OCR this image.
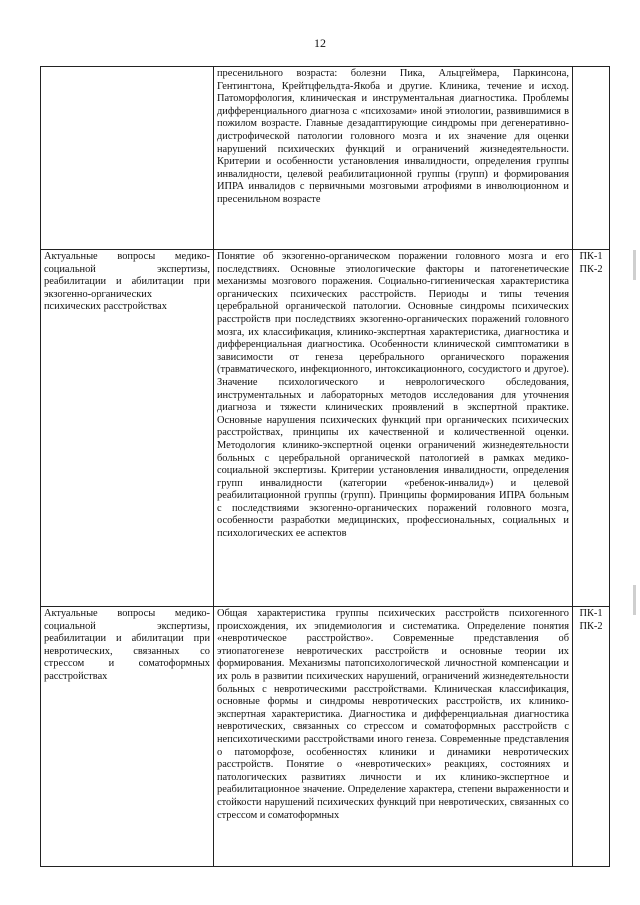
12
	пресенильного возраста: болезни Пика, Альцгеймера, Паркинсона, Гентингтона, Крейтцфельдта-Якоба и другие. Клиника, течение и исход. Патоморфология, клиническая и инструментальная диагностика. Проблемы дифференциального диагноза с «психозами» иной этиологии, развившимися в пожилом возрасте. Главные дезадаптирующие синдромы при дегенеративно-дистрофической патологии головного мозга и их значение для оценки нарушений психических функций и ограничений жизнедеятельности. Критерии и особенности установления инвалидности, определения группы инвалидности, целевой реабилитационной группы (групп) и формирования ИПРА инвалидов с первичными мозговыми атрофиями в инволюционном и пресенильном возрасте	

Актуальные вопросы медико-социальной экспертизы, реабилитации и абилитации при экзогенно-органических психических расстройствах	Понятие об экзогенно-органическом поражении головного мозга и его последствиях. Основные этиологические факторы и патогенетические механизмы мозгового поражения. Социально-гигиеническая характеристика органических психических расстройств. Периоды и типы течения церебральной органической патологии. Основные синдромы психических расстройств при последствиях экзогенно-органических поражений головного мозга, их классификация, клинико-экспертная характеристика, диагностика и дифференциальная диагностика. Особенности клинической симптоматики в зависимости от генеза церебрального органического поражения (травматического, инфекционного, интоксикационного, сосудистого и другое). Значение психологического и неврологического обследования, инструментальных и лабораторных методов исследования для уточнения диагноза и тяжести клинических проявлений в экспертной практике. Основные нарушения психических функций при органических психических расстройствах, принципы их качественной и количественной оценки. Методология клинико-экспертной оценки ограничений жизнедеятельности больных с церебральной органической патологией в рамках медико-социальной экспертизы. Критерии установления инвалидности, определения групп инвалидности (категории «ребенок-инвалид») и целевой реабилитационной группы (групп). Принципы формирования ИПРА больным с последствиями экзогенно-органических поражений головного мозга, особенности разработки медицинских, профессиональных, социальных и психологических ее аспектов	ПК-1
ПК-2

Актуальные вопросы медико-социальной экспертизы, реабилитации и абилитации при невротических, связанных со стрессом и соматоформных расстройствах	Общая характеристика группы психических расстройств психогенного происхождения, их эпидемиология и систематика. Определение понятия «невротическое расстройство». Современные представления об этиопатогенезе невротических расстройств и основные теории их формирования. Механизмы патопсихологической личностной компенсации и их роль в развитии психических нарушений, ограничений жизнедеятельности больных с невротическими расстройствами. Клиническая классификация, основные формы и синдромы невротических расстройств, их клинико-экспертная характеристика. Диагностика и дифференциальная диагностика невротических, связанных со стрессом и соматоформных расстройств с непсихотическими расстройствами иного генеза. Современные представления о патоморфозе, особенностях клиники и динамики невротических расстройств. Понятие о «невротических» реакциях, состояниях и патологических развитиях личности и их клинико-экспертное и реабилитационное значение. Определение характера, степени выраженности и стойкости нарушений психических функций при невротических, связанных со стрессом и соматоформных	ПК-1
ПК-2
